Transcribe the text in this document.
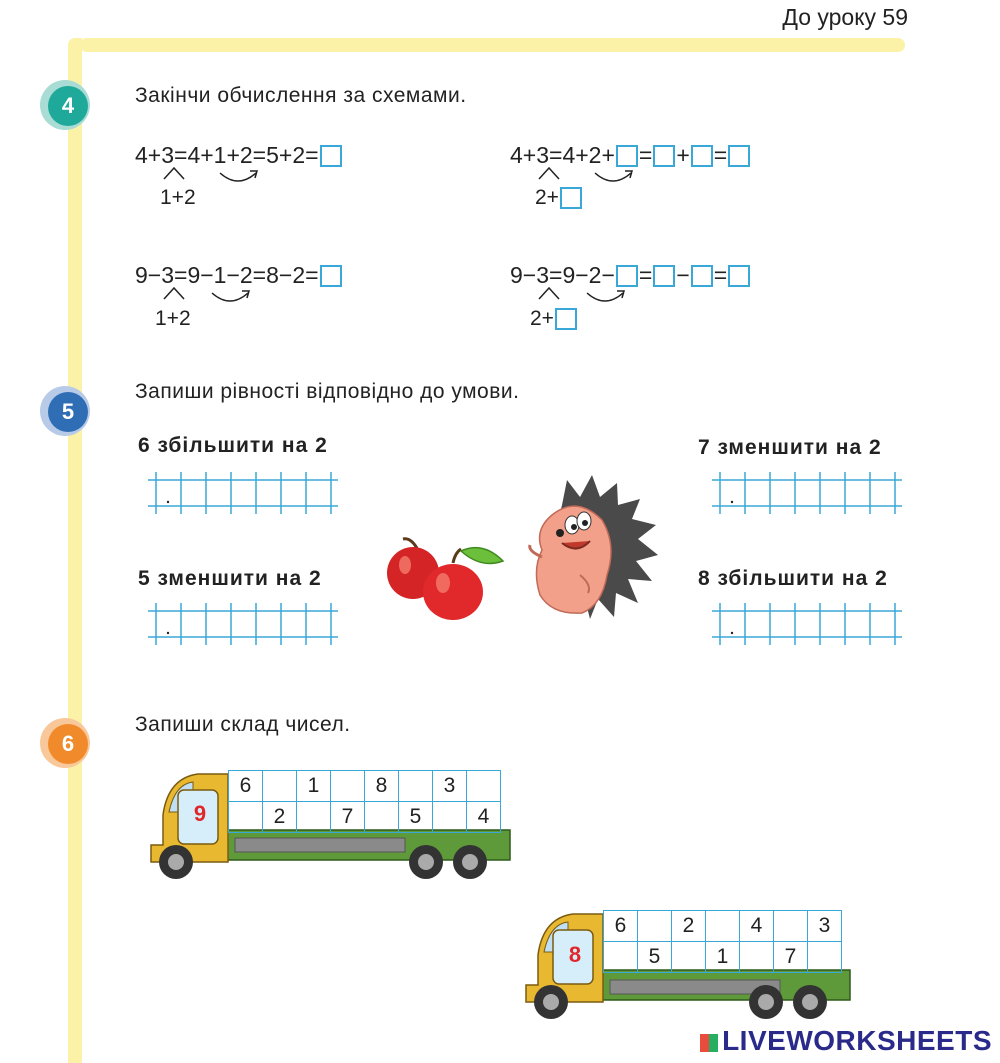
До уроку 59
4	Закінчи обчислення за схемами.
4+3=4+1+2=5+2=
1+2
4+3=4+2+ = + =
2+
9−3=9−1−2=8−2=
1+2
9−3=9−2− = − =
2+
5
Запиши рівності відповідно до умови.
6 збільшити на 2	7 зменшити на 2
5 зменшити на 2	8 збільшити на 2
6
Запиши склад чисел.
9
6		1		8		3	
	2		7		5		4
8
6		2		4		3
	5		1		7	
LIVEWORKSHEETS
